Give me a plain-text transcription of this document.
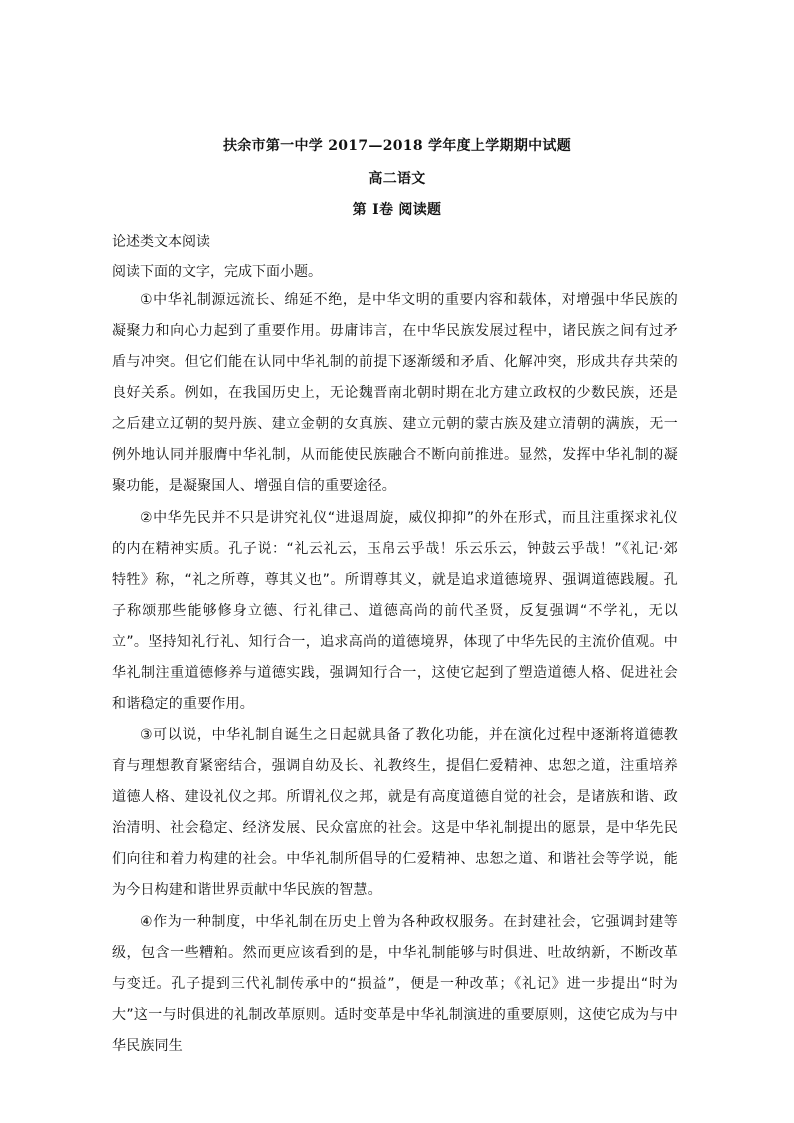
扶余市第一中学 2017—2018 学年度上学期期中试题
高二语文
第 Ⅰ卷 阅读题
论述类文本阅读
阅读下面的文字，完成下面小题。

①中华礼制源远流长、绵延不绝，是中华文明的重要内容和载体，对增强中华民族的凝聚力和向心力起到了重要作用。毋庸讳言，在中华民族发展过程中，诸民族之间有过矛盾与冲突。但它们能在认同中华礼制的前提下逐渐缓和矛盾、化解冲突，形成共存共荣的良好关系。例如，在我国历史上，无论魏晋南北朝时期在北方建立政权的少数民族，还是之后建立辽朝的契丹族、建立金朝的女真族、建立元朝的蒙古族及建立清朝的满族，无一例外地认同并服膺中华礼制，从而能使民族融合不断向前推进。显然，发挥中华礼制的凝聚功能，是凝聚国人、增强自信的重要途径。

②中华先民并不只是讲究礼仪“进退周旋，威仪抑抑”的外在形式，而且注重探求礼仪的内在精神实质。孔子说：“礼云礼云，玉帛云乎哉！乐云乐云，钟鼓云乎哉！”《礼记·郊特牲》称，“礼之所尊，尊其义也”。所谓尊其义，就是追求道德境界、强调道德践履。孔子称颂那些能够修身立德、行礼律己、道德高尚的前代圣贤，反复强调“不学礼，无以立”。坚持知礼行礼、知行合一，追求高尚的道德境界，体现了中华先民的主流价值观。中华礼制注重道德修养与道德实践，强调知行合一，这使它起到了塑造道德人格、促进社会和谐稳定的重要作用。

③可以说，中华礼制自诞生之日起就具备了教化功能，并在演化过程中逐渐将道德教育与理想教育紧密结合，强调自幼及长、礼教终生，提倡仁爱精神、忠恕之道，注重培养道德人格、建设礼仪之邦。所谓礼仪之邦，就是有高度道德自觉的社会，是诸族和谐、政治清明、社会稳定、经济发展、民众富庶的社会。这是中华礼制提出的愿景，是中华先民们向往和着力构建的社会。中华礼制所倡导的仁爱精神、忠恕之道、和谐社会等学说，能为今日构建和谐世界贡献中华民族的智慧。

④作为一种制度，中华礼制在历史上曾为各种政权服务。在封建社会，它强调封建等级，包含一些糟粕。然而更应该看到的是，中华礼制能够与时俱进、吐故纳新，不断改革与变迁。孔子提到三代礼制传承中的“损益”，便是一种改革；《礼记》进一步提出“时为大”这一与时俱进的礼制改革原则。适时变革是中华礼制演进的重要原则，这使它成为与中华民族同生
